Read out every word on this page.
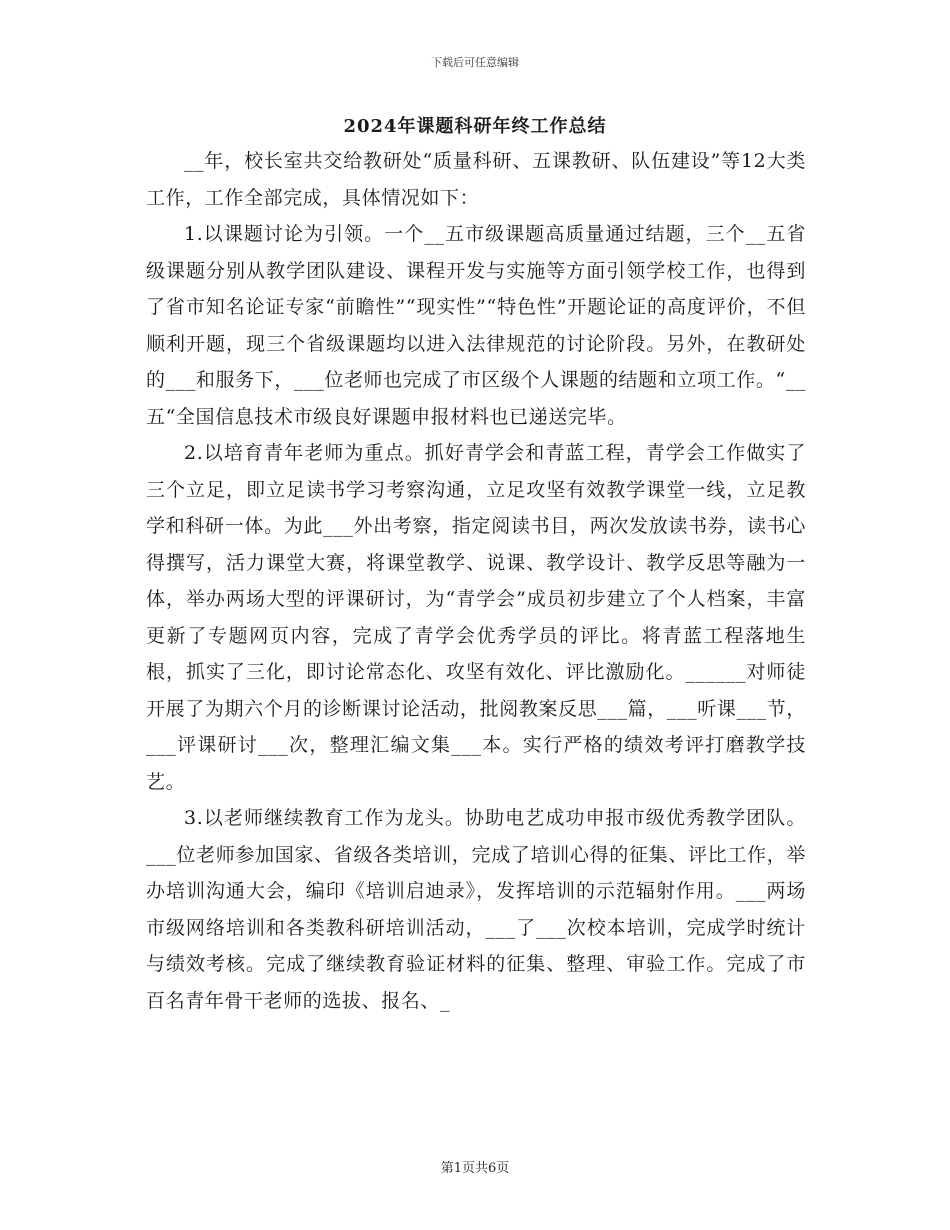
下载后可任意编辑
2024年课题科研年终工作总结

__年，校长室共交给教研处“质量科研、五课教研、队伍建设”等12大类工作，工作全部完成，具体情况如下：

1.以课题讨论为引领。一个__五市级课题高质量通过结题，三个__五省级课题分别从教学团队建设、课程开发与实施等方面引领学校工作，也得到了省市知名论证专家“前瞻性”“现实性”“特色性”开题论证的高度评价，不但顺利开题，现三个省级课题均以进入法律规范的讨论阶段。另外，在教研处的___和服务下，___位老师也完成了市区级个人课题的结题和立项工作。“__五“全国信息技术市级良好课题申报材料也已递送完毕。

2.以培育青年老师为重点。抓好青学会和青蓝工程，青学会工作做实了三个立足，即立足读书学习考察沟通，立足攻坚有效教学课堂一线，立足教学和科研一体。为此___外出考察，指定阅读书目，两次发放读书券，读书心得撰写，活力课堂大赛，将课堂教学、说课、教学设计、教学反思等融为一体，举办两场大型的评课研讨，为“青学会”成员初步建立了个人档案，丰富更新了专题网页内容，完成了青学会优秀学员的评比。将青蓝工程落地生根，抓实了三化，即讨论常态化、攻坚有效化、评比激励化。______对师徒开展了为期六个月的诊断课讨论活动，批阅教案反思___篇，___听课___节，___评课研讨___次，整理汇编文集___本。实行严格的绩效考评打磨教学技艺。

3.以老师继续教育工作为龙头。协助电艺成功申报市级优秀教学团队。___位老师参加国家、省级各类培训，完成了培训心得的征集、评比工作，举办培训沟通大会，编印《培训启迪录》，发挥培训的示范辐射作用。___两场市级网络培训和各类教科研培训活动，___了___次校本培训，完成学时统计与绩效考核。完成了继续教育验证材料的征集、整理、审验工作。完成了市百名青年骨干老师的选拔、报名、_

第1页共6页
